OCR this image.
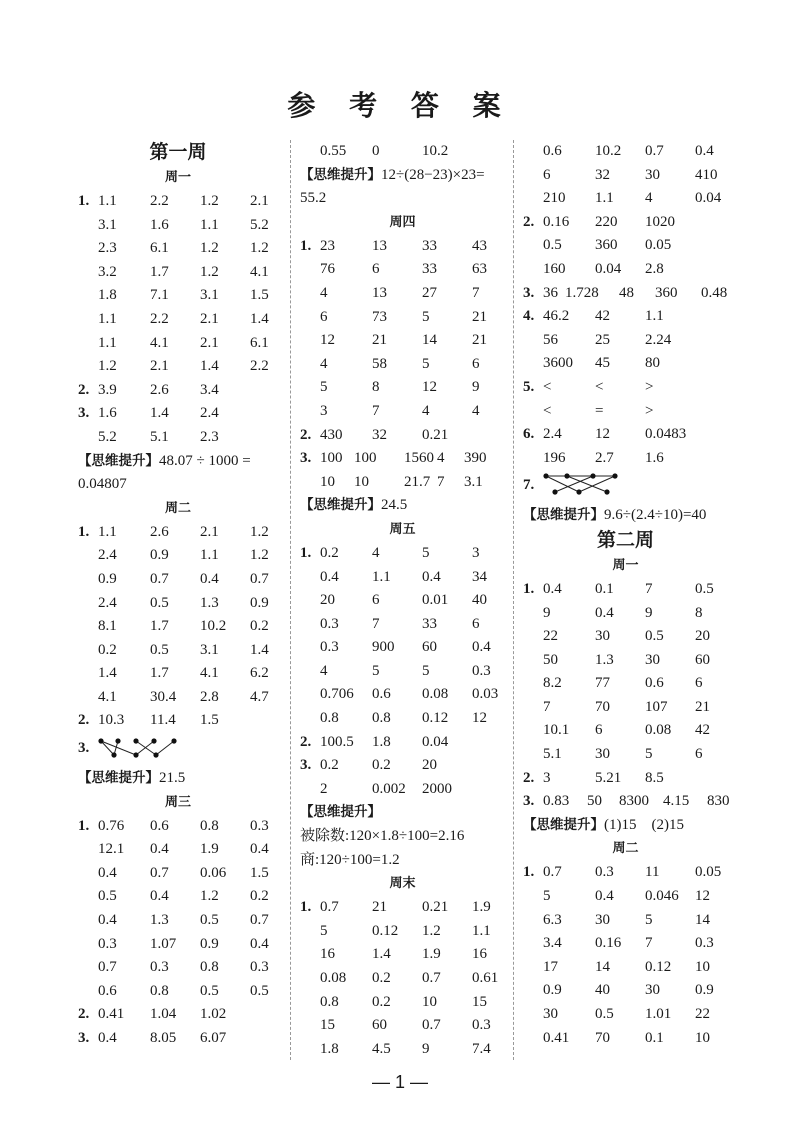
参 考 答 案
第一周
周一
1. 1.1 2.2 1.2 2.1
3.1 1.6 1.1 5.2
2.3 6.1 1.2 1.2
3.2 1.7 1.2 4.1
1.8 7.1 3.1 1.5
1.1 2.2 2.1 1.4
1.1 4.1 2.1 6.1
1.2 2.1 1.4 2.2
2. 3.9 2.6 3.4
3. 1.6 1.4 2.4
5.2 5.1 2.3
【思维提升】48.07 ÷ 1000 =
0.04807
周二
1. 1.1 2.6 2.1 1.2
2.4 0.9 1.1 1.2
0.9 0.7 0.4 0.7
2.4 0.5 1.3 0.9
8.1 1.7 10.2 0.2
0.2 0.5 3.1 1.4
1.4 1.7 4.1 6.2
4.1 30.4 2.8 4.7
2. 10.3 11.4 1.5
3.
【思维提升】21.5
周三
1. 0.76 0.6 0.8 0.3
12.1 0.4 1.9 0.4
0.4 0.7 0.06 1.5
0.5 0.4 1.2 0.2
0.4 1.3 0.5 0.7
0.3 1.07 0.9 0.4
0.7 0.3 0.8 0.3
0.6 0.8 0.5 0.5
2. 0.41 1.04 1.02
3. 0.4 8.05 6.07
0.55 0	10.2
【思维提升】12÷(28−23)×23=
55.2
周四
1. 23 13 33 43
76 6	33 63
4	13 27 7
6	73 5	21
12 21 14 21
4	58 5	6
5	8	12 9
3	7	4	4
2. 430 32 0.21
3. 100 100 1560 4 390
10 10 21.7 7 3.1
【思维提升】24.5
周五
1. 0.2 4	5	3
0.4 1.1 0.4 34
20 6	0.01 40
0.3 7	33 6
0.3 900 60 0.4
4	5	5	0.3
0.706 0.6 0.08 0.03
0.8 0.8 0.12 12
2. 100.5 1.8 0.04
3. 0.2 0.2 20
2	0.002 2000
【思维提升】
被除数:120×1.8÷100=2.16
商:120÷100=1.2
周末
1. 0.7 21 0.21 1.9
5	0.12 1.2 1.1
16 1.4 1.9 16
0.08 0.2 0.7 0.61
0.8 0.2 10 15
15 60 0.7 0.3
1.8 4.5 9	7.4
0.6 10.2 0.7 0.4
6	32 30 410
210 1.1 4	0.04
2. 0.16 220 1020
0.5 360 0.05
160 0.04 2.8
3. 36 1.728 48 360 0.48
4. 46.2 42 1.1
56 25 2.24
3600 45 80
5. <	<	>
<	=	>
6. 2.4 12 0.0483
196 2.7 1.6
7.
【思维提升】9.6÷(2.4÷10)=40
第二周
周一
1. 0.4 0.1 7	0.5
9	0.4 9	8
22 30 0.5 20
50 1.3 30 60
8.2 77 0.6 6
7	70 107 21
10.1 6	0.08 42
5.1 30 5	6
2. 3	5.21 8.5
3. 0.83 50 8300 4.15 830
【思维提升】(1)15　(2)15
周二
1. 0.7 0.3 11 0.05
5	0.4 0.046 12
6.3 30 5	14
3.4 0.16 7	0.3
17 14 0.12 10
0.9 40 30 0.9
30 0.5 1.01 22
0.41 70 0.1 10
— 1 —
